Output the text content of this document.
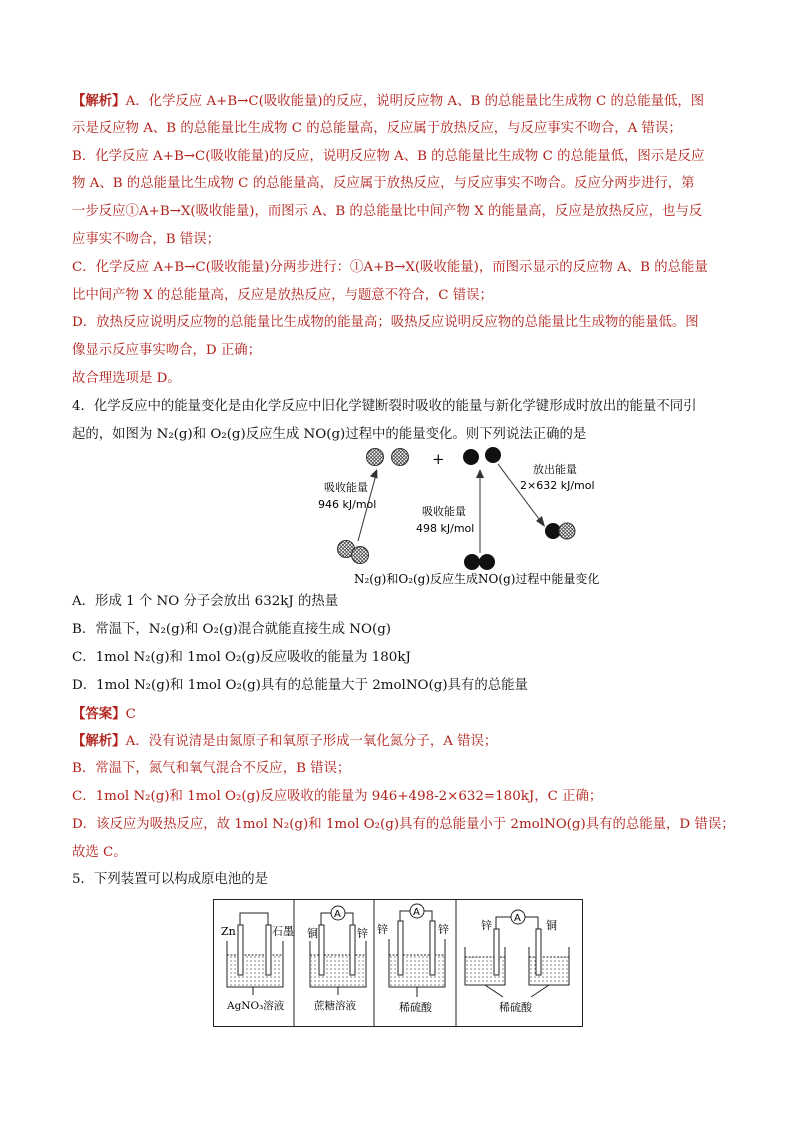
【解析】A．化学反应 A+B→C(吸收能量)的反应，说明反应物 A、B 的总能量比生成物 C 的总能量低，图
示是反应物 A、B 的总能量比生成物 C 的总能量高，反应属于放热反应，与反应事实不吻合，A 错误；
B．化学反应 A+B→C(吸收能量)的反应，说明反应物 A、B 的总能量比生成物 C 的总能量低，图示是反应
物 A、B 的总能量比生成物 C 的总能量高，反应属于放热反应，与反应事实不吻合。反应分两步进行，第
一步反应①A+B→X(吸收能量)，而图示 A、B 的总能量比中间产物 X 的能量高，反应是放热反应，也与反
应事实不吻合，B 错误；
C．化学反应 A+B→C(吸收能量)分两步进行：①A+B→X(吸收能量)，而图示显示的反应物 A、B 的总能量
比中间产物 X 的总能量高，反应是放热反应，与题意不符合，C 错误；
D．放热反应说明反应物的总能量比生成物的能量高；吸热反应说明反应物的总能量比生成物的能量低。图
像显示反应事实吻合，D 正确；
故合理选项是 D。
4．化学反应中的能量变化是由化学反应中旧化学键断裂时吸收的能量与新化学键形成时放出的能量不同引
起的，如图为 N₂(g)和 O₂(g)反应生成 NO(g)过程中的能量变化。则下列说法正确的是
+
吸收能量
946 kJ/mol
吸收能量
498 kJ/mol
放出能量
2×632 kJ/mol
N₂(g)和O₂(g)反应生成NO(g)过程中能量变化
A．形成 1 个 NO 分子会放出 632kJ 的热量
B．常温下，N₂(g)和 O₂(g)混合就能直接生成 NO(g)
C．1mol N₂(g)和 1mol O₂(g)反应吸收的能量为 180kJ
D．1mol N₂(g)和 1mol O₂(g)具有的总能量大于 2molNO(g)具有的总能量
【答案】C
【解析】A．没有说清是由氮原子和氧原子形成一氧化氮分子，A 错误；
B．常温下，氮气和氧气混合不反应，B 错误；
C．1mol N₂(g)和 1mol O₂(g)反应吸收的能量为 946+498-2×632=180kJ，C 正确；
D．该反应为吸热反应，故 1mol N₂(g)和 1mol O₂(g)具有的总能量小于 2molNO(g)具有的总能量，D 错误；
故选 C。
5．下列装置可以构成原电池的是
Zn	石墨
AgNO₃溶液
A
铜	锌
蔗糖溶液
A
锌	锌
稀硫酸
A
锌	铜
稀硫酸
